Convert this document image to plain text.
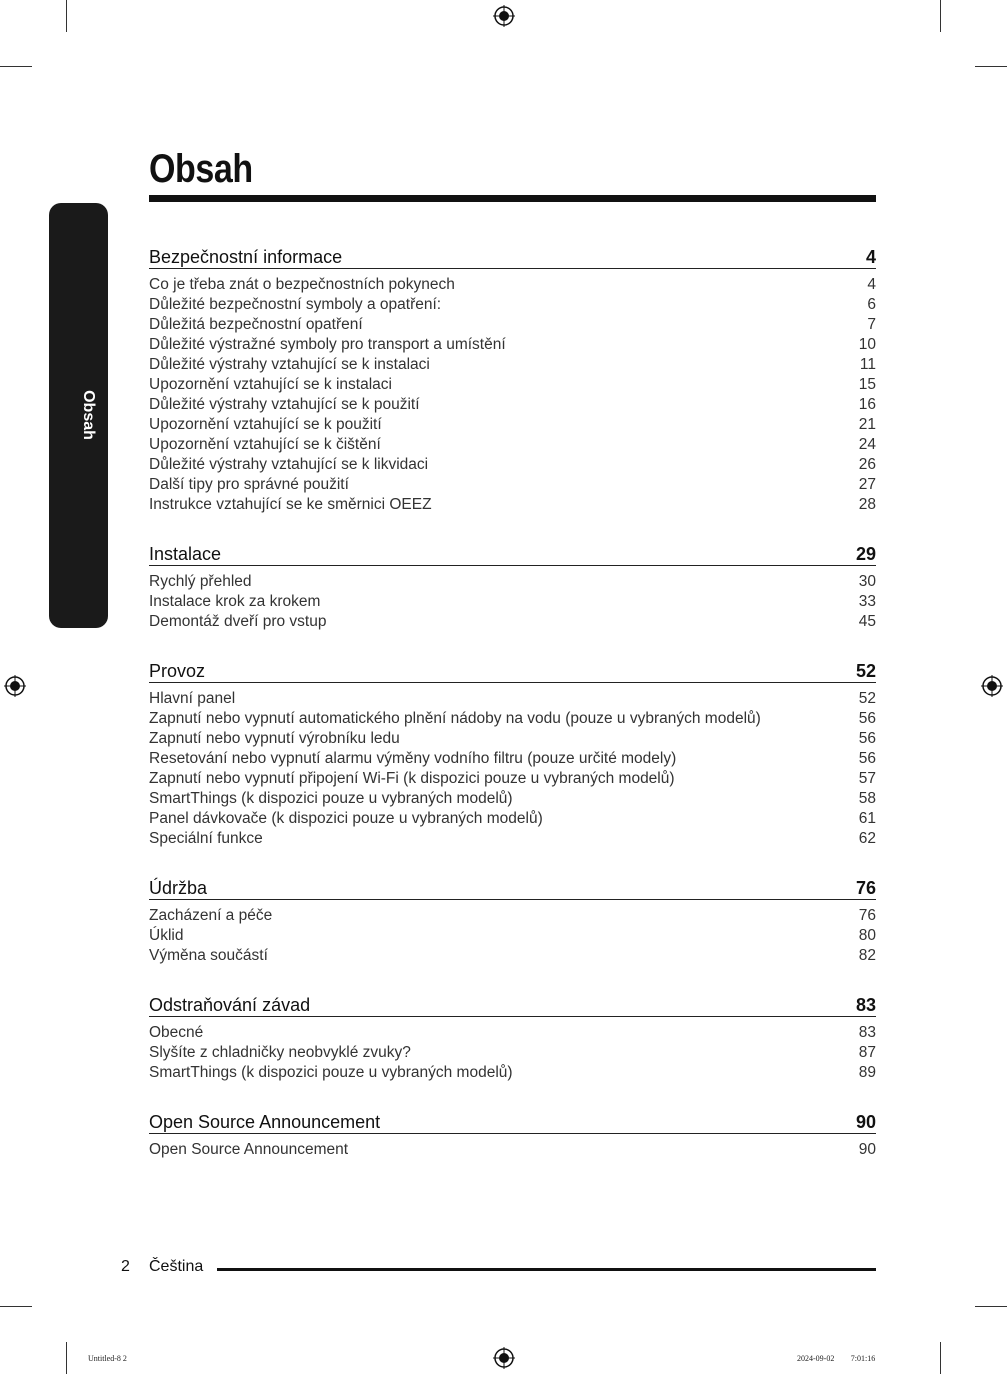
Obsah
Obsah
Bezpečnostní informace	4
Co je třeba znát o bezpečnostních pokynech	4
Důležité bezpečnostní symboly a opatření:	6
Důležitá bezpečnostní opatření	7
Důležité výstražné symboly pro transport a umístění	10
Důležité výstrahy vztahující se k instalaci	11
Upozornění vztahující se k instalaci	15
Důležité výstrahy vztahující se k použití	16
Upozornění vztahující se k použití	21
Upozornění vztahující se k čištění	24
Důležité výstrahy vztahující se k likvidaci	26
Další tipy pro správné použití	27
Instrukce vztahující se ke směrnici OEEZ	28
Instalace	29
Rychlý přehled	30
Instalace krok za krokem	33
Demontáž dveří pro vstup	45
Provoz	52
Hlavní panel	52
Zapnutí nebo vypnutí automatického plnění nádoby na vodu (pouze u vybraných modelů)	56
Zapnutí nebo vypnutí výrobníku ledu	56
Resetování nebo vypnutí alarmu výměny vodního filtru (pouze určité modely)	56
Zapnutí nebo vypnutí připojení Wi-Fi (k dispozici pouze u vybraných modelů)	57
SmartThings (k dispozici pouze u vybraných modelů)	58
Panel dávkovače (k dispozici pouze u vybraných modelů)	61
Speciální funkce	62
Údržba	76
Zacházení a péče	76
Úklid	80
Výměna součástí	82
Odstraňování závad	83
Obecné	83
Slyšíte z chladničky neobvyklé zvuky?	87
SmartThings (k dispozici pouze u vybraných modelů)	89
Open Source Announcement	90
Open Source Announcement	90
2 Čeština
Untitled-8 2	2024-09-02 ￿￿ 7:01:16
